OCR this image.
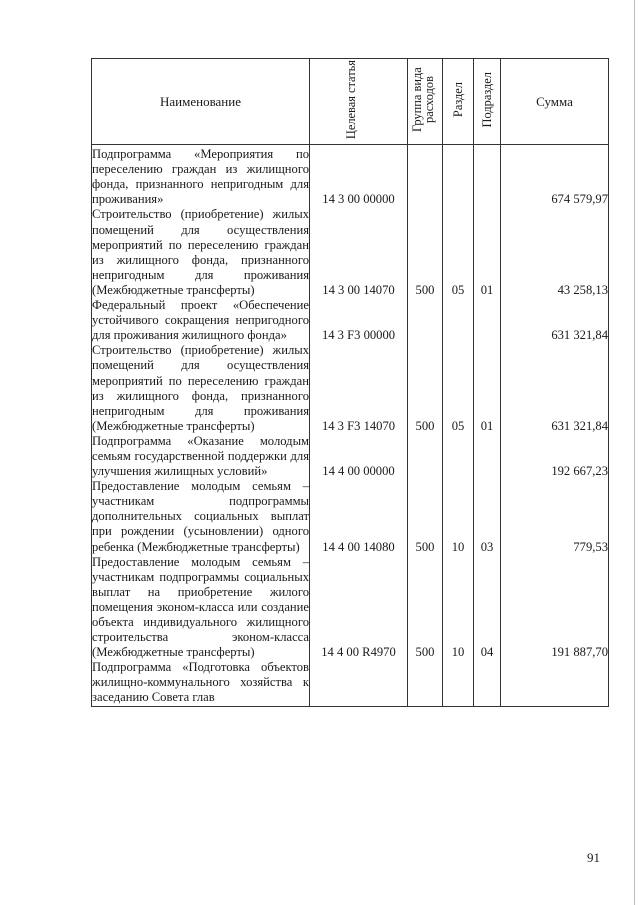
Наименование	Целевая статья	Группа вида расходов	Раздел	Подраздел	Сумма
Подпрограмма «Мероприятия по переселению граждан из жилищного фонда, признанного непригодным для проживания»	14 3 00 00000				674 579,97
Строительство (приобретение) жилых помещений для осуществления мероприятий по переселению граждан из жилищного фонда, признанного непригодным для проживания (Межбюджетные трансферты)	14 3 00 14070	500	05	01	43 258,13
Федеральный проект «Обеспечение устойчивого сокращения непригодного для проживания жилищного фонда»	14 3 F3 00000				631 321,84
Строительство (приобретение) жилых помещений для осуществления мероприятий по переселению граждан из жилищного фонда, признанного непригодным для проживания (Межбюджетные трансферты)	14 3 F3 14070	500	05	01	631 321,84
Подпрограмма «Оказание молодым семьям государственной поддержки для улучшения жилищных условий»	14 4 00 00000				192 667,23
Предоставление молодым семьям – участникам подпрограммы дополнительных социальных выплат при рождении (усыновлении) одного ребенка (Межбюджетные трансферты)	14 4 00 14080	500	10	03	779,53
Предоставление молодым семьям – участникам подпрограммы социальных выплат на приобретение жилого помещения эконом-класса или создание объекта индивидуального жилищного строительства эконом-класса (Межбюджетные трансферты)	14 4 00 R4970	500	10	04	191 887,70
Подпрограмма «Подготовка объектов жилищно-коммунального хозяйства к заседанию Совета глав					
91
